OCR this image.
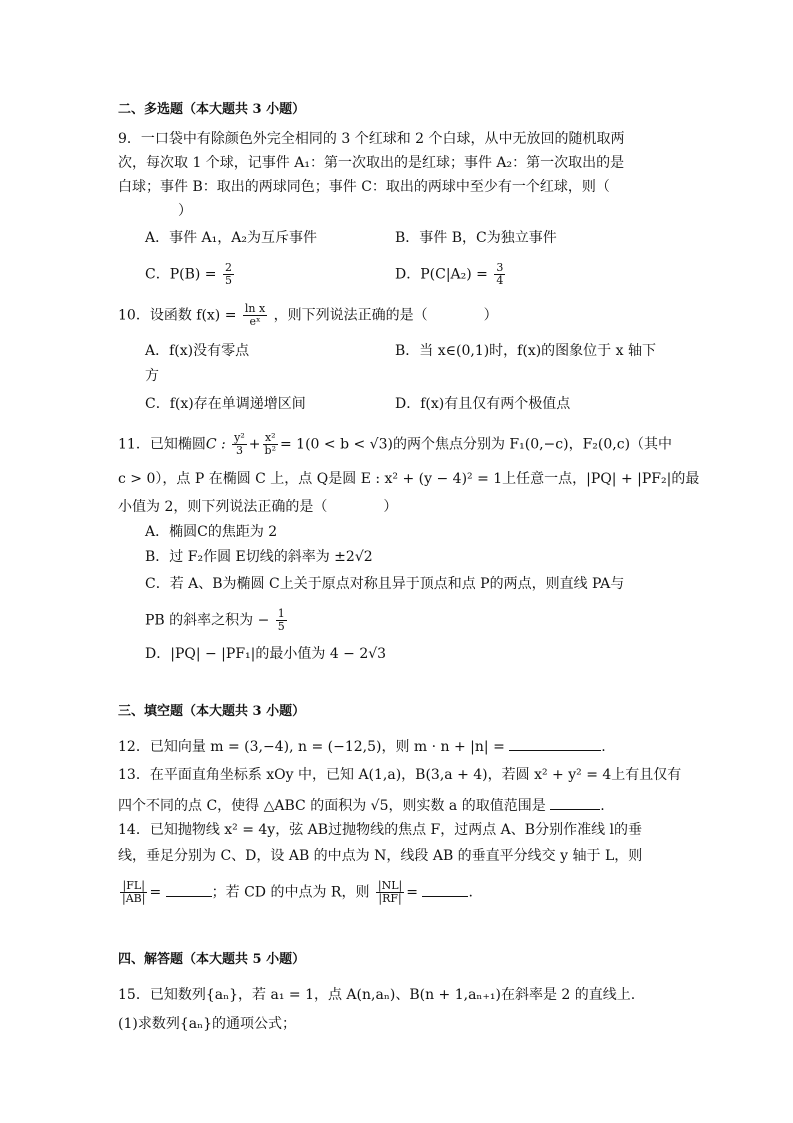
二、多选题（本大题共 3 小题）
9．一口袋中有除颜色外完全相同的 3 个红球和 2 个白球，从中无放回的随机取两
次，每次取 1 个球，记事件 A₁：第一次取出的是红球；事件 A₂：第一次取出的是
白球；事件 B：取出的两球同色；事件 C：取出的两球中至少有一个红球，则（
）
A．事件 A₁，A₂为互斥事件	B．事件 B，C为独立事件
C．$P(B) = \frac{2}{5}$	D．$P(C|A_2) = \frac{3}{4}$
10．设函数 $f(x) = \frac{\text{ln x}}{\text{eˣ}}$ ，则下列说法正确的是（　　　　）
A．f(x)没有零点	B．当 x∈(0,1)时，f(x)的图象位于 x 轴下
方
C．f(x)存在单调递增区间	D．f(x)有且仅有两个极值点
11．已知椭圆C : $\frac{\text{y²}}{3} + \frac{\text{x²}}{\text{b²}} = 1(0 < b < √3)$的两个焦点分别为 F₁(0,−c)，F₂(0,c)（其中
c > 0），点 P 在椭圆 C 上，点 Q是圆 E : x² + (y − 4)² = 1上任意一点，|PQ| + |PF₂|的最
小值为 2，则下列说法正确的是（　　　　）
A．椭圆C的焦距为 2
B．过 F₂作圆 E切线的斜率为 ±2√2
C．若 A、B为椭圆 C上关于原点对称且异于顶点和点 P的两点，则直线 PA与
PB 的斜率之积为 − $\frac{1}{5}$
D．|PQ| − |PF₁|的最小值为 4 − 2√3
三、填空题（本大题共 3 小题）
12．已知向量 m = (3,−4), n = (−12,5)，则 m · n + |n| =	.
13．在平面直角坐标系 xOy 中，已知 A(1,a)，B(3,a + 4)，若圆 x² + y² = 4上有且仅有
四个不同的点 C，使得 △ABC 的面积为 √5，则实数 a 的取值范围是	.
14．已知抛物线 x² = 4y，弦 AB过抛物线的焦点 F，过两点 A、B分别作准线 l的垂
线，垂足分别为 C、D，设 AB 的中点为 N，线段 AB 的垂直平分线交 y 轴于 L，则
$\frac{|FL|}{|AB|}$ =	；若 CD 的中点为 R，则 $\frac{|NL|}{|RF|}$ =	.
四、解答题（本大题共 5 小题）
15．已知数列{aₙ}，若 a₁ = 1，点 A(n,aₙ)、B(n + 1,aₙ₊₁)在斜率是 2 的直线上.
(1)求数列{aₙ}的通项公式；
